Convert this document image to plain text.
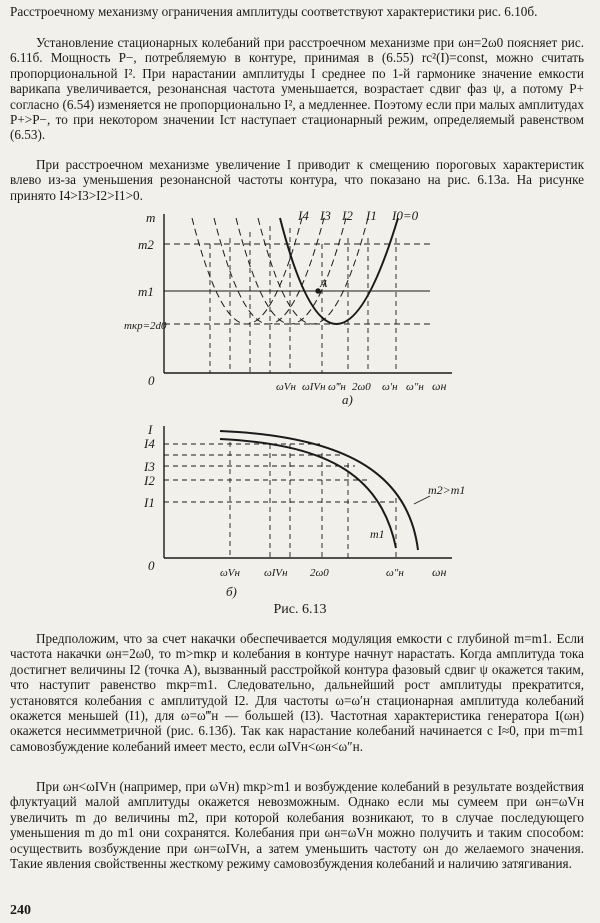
Расстроечному механизму ограничения амплитуды соответствуют характеристики рис. 6.10б.

Установление стационарных колебаний при расстроечном механизме при ωн=2ω0 поясняет рис. 6.11б. Мощность P−, потребляемую в контуре, принимая в (6.55) rc²(I)=const, можно считать пропорциональной I². При нарастании амплитуды I среднее по 1-й гармонике значение емкости варикапа увеличивается, резонансная частота уменьшается, возрастает сдвиг фаз ψ, а потому P+ согласно (6.54) изменяется не пропорционально I², а медленнее. Поэтому если при малых амплитудах P+>P−, то при некотором значении Iст наступает стационарный режим, определяемый равенством (6.53).

При расстроечном механизме увеличение I приводит к смещению пороговых характеристик влево из-за уменьшения резонансной частоты контура, что показано на рис. 6.13а. На рисунке принято I4>I3>I2>I1>0.

m
0
m2
m1
mкр=2d0
I4 I3 I2 I1 I0=0
A
ωVн ωIVн ω‴н 2ω0 ω′н ω″н ωн
а)
I
0
I4
I3
I2
I1
m2>m1
m1
ωVн ωIVн 2ω0	ω″н ωн
б)
Рис. 6.13

Предположим, что за счет накачки обеспечивается модуляция емкости с глубиной m=m1. Если частота накачки ωн=2ω0, то m>mкр и колебания в контуре начнут нарастать. Когда амплитуда тока достигнет величины I2 (точка A), вызванный расстройкой контура фазовый сдвиг ψ окажется таким, что наступит равенство mкр=m1. Следовательно, дальнейший рост амплитуды прекратится, установятся колебания с амплитудой I2. Для частоты ω=ω′н стационарная амплитуда колебаний окажется меньшей (I1), для ω=ω‴н — большей (I3). Частотная характеристика генератора I(ωн) окажется несимметричной (рис. 6.13б). Так как нарастание колебаний начинается с I≈0, при m=m1 самовозбуждение колебаний имеет место, если ωIVн<ωн<ω″н.

При ωн<ωIVн (например, при ωVн) mкр>m1 и возбуждение колебаний в результате воздействия флуктуаций малой амплитуды окажется невозможным. Однако если мы сумеем при ωн=ωVн увеличить m до величины m2, при которой колебания возникают, то в случае последующего уменьшения m до m1 они сохранятся. Колебания при ωн=ωVн можно получить и таким способом: осуществить возбуждение при ωн=ωIVн, а затем уменьшить частоту ωн до желаемого значения. Такие явления свойственны жесткому режиму самовозбуждения колебаний и наличию затягивания.

240
